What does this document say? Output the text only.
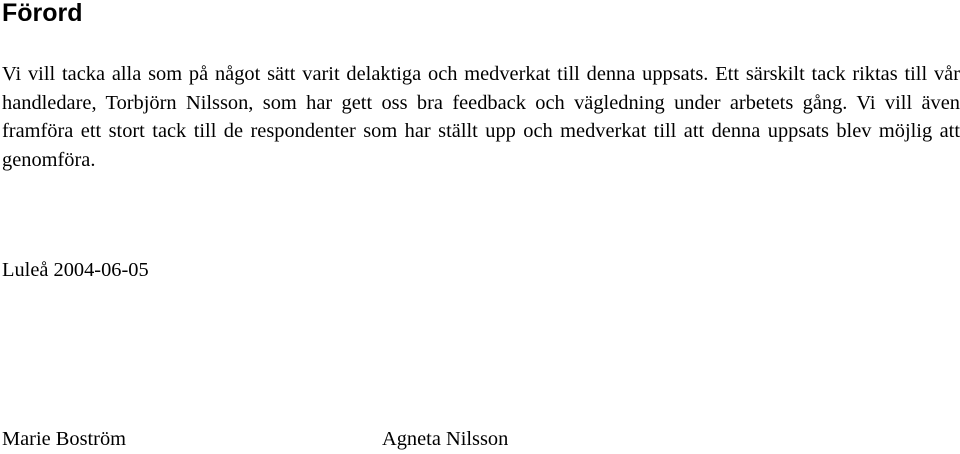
Förord

Vi vill tacka alla som på något sätt varit delaktiga och medverkat till denna uppsats. Ett särskilt tack riktas till vår handledare, Torbjörn Nilsson, som har gett oss bra feedback och vägledning under arbetets gång. Vi vill även framföra ett stort tack till de respondenter som har ställt upp och medverkat till att denna uppsats blev möjlig att genomföra.

Luleå 2004-06-05

Marie Boström	Agneta Nilsson
